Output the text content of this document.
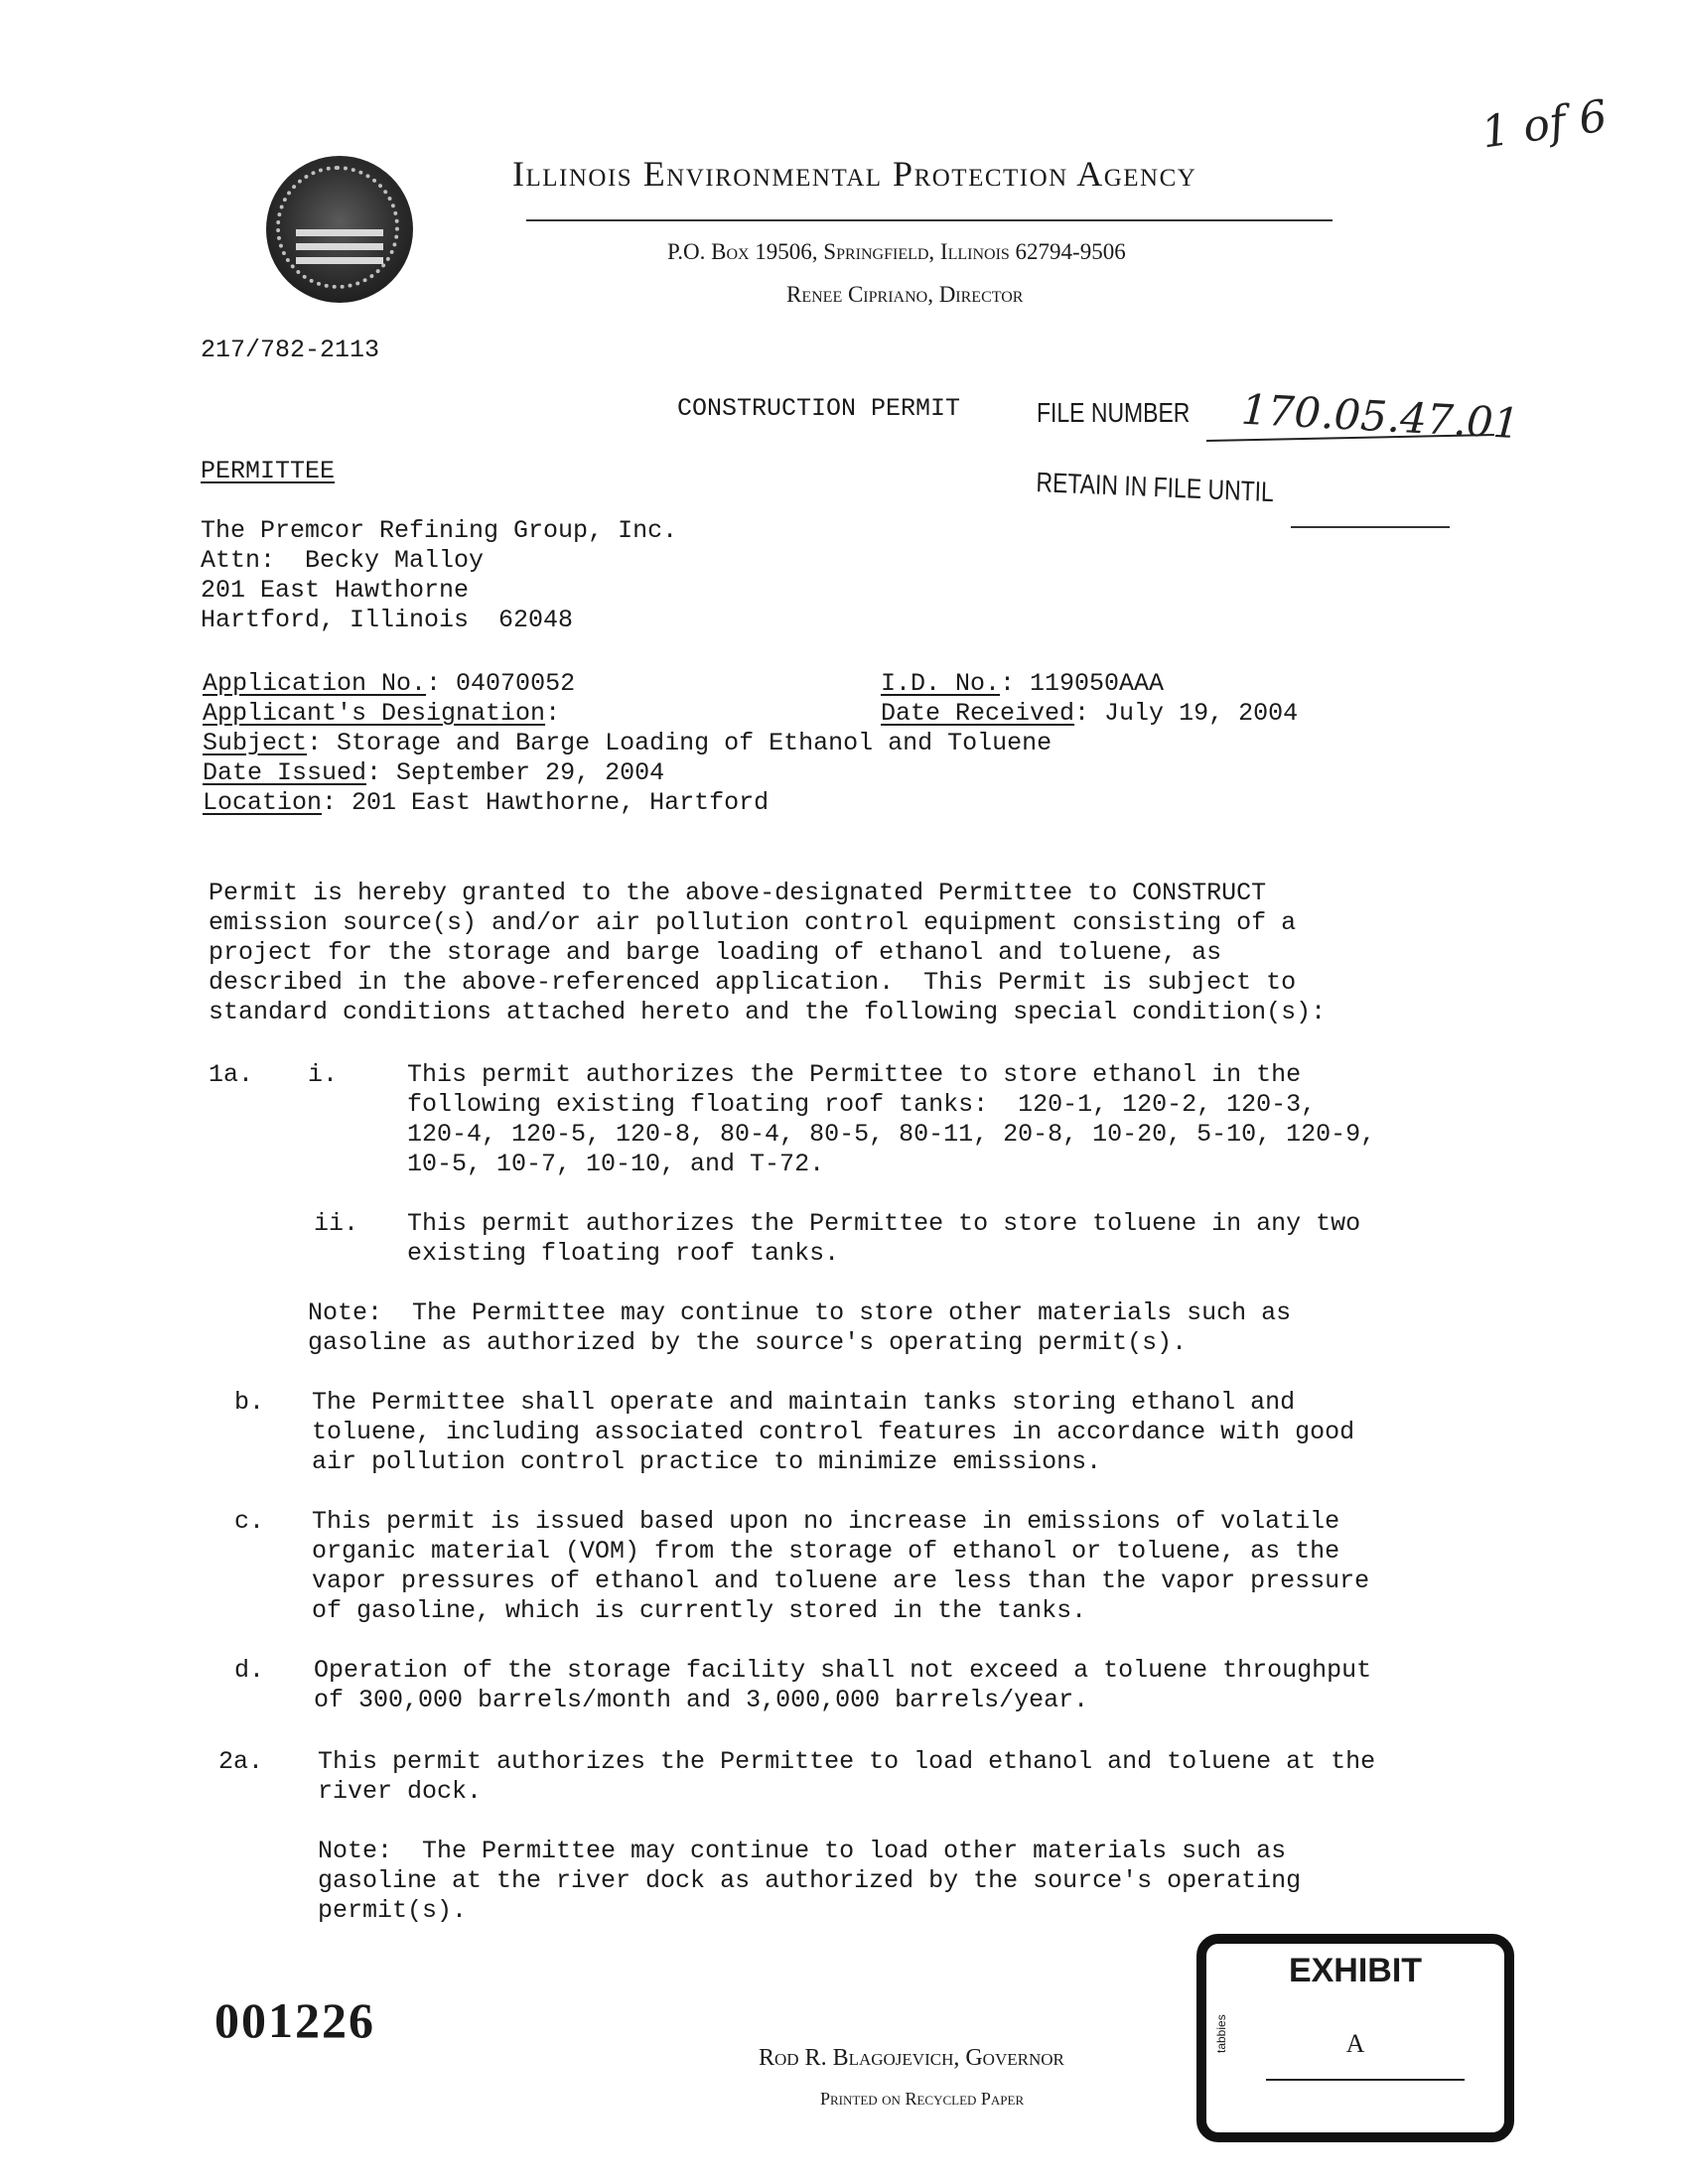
1 of 6
Illinois Environmental Protection Agency
P.O. Box 19506, Springfield, Illinois 62794-9506
Renee Cipriano, Director
217/782-2113
CONSTRUCTION PERMIT	FILE NUMBER 170.05.47.01
RETAIN IN FILE UNTIL
PERMITTEE
The Premcor Refining Group, Inc.
Attn:  Becky Malloy
201 East Hawthorne
Hartford, Illinois  62048
Application No.: 04070052
Applicant's Designation:
Subject: Storage and Barge Loading of Ethanol and Toluene
Date Issued: September 29, 2004
Location: 201 East Hawthorne, Hartford
I.D. No.: 119050AAA
Date Received: July 19, 2004
Permit is hereby granted to the above-designated Permittee to CONSTRUCT
emission source(s) and/or air pollution control equipment consisting of a
project for the storage and barge loading of ethanol and toluene, as
described in the above-referenced application.  This Permit is subject to
standard conditions attached hereto and the following special condition(s):
1a. i.	This permit authorizes the Permittee to store ethanol in the
following existing floating roof tanks:  120-1, 120-2, 120-3,
120-4, 120-5, 120-8, 80-4, 80-5, 80-11, 20-8, 10-20, 5-10, 120-9,
10-5, 10-7, 10-10, and T-72.
ii. This permit authorizes the Permittee to store toluene in any two
existing floating roof tanks.
Note:  The Permittee may continue to store other materials such as
gasoline as authorized by the source's operating permit(s).
b. The Permittee shall operate and maintain tanks storing ethanol and
toluene, including associated control features in accordance with good
air pollution control practice to minimize emissions.
c. This permit is issued based upon no increase in emissions of volatile
organic material (VOM) from the storage of ethanol or toluene, as the
vapor pressures of ethanol and toluene are less than the vapor pressure
of gasoline, which is currently stored in the tanks.
d. Operation of the storage facility shall not exceed a toluene throughput
of 300,000 barrels/month and 3,000,000 barrels/year.
2a. This permit authorizes the Permittee to load ethanol and toluene at the
river dock.
Note:  The Permittee may continue to load other materials such as
gasoline at the river dock as authorized by the source's operating
permit(s).
001226
Rod R. Blagojevich, Governor
Printed on Recycled Paper
EXHIBIT
tabbies	A
